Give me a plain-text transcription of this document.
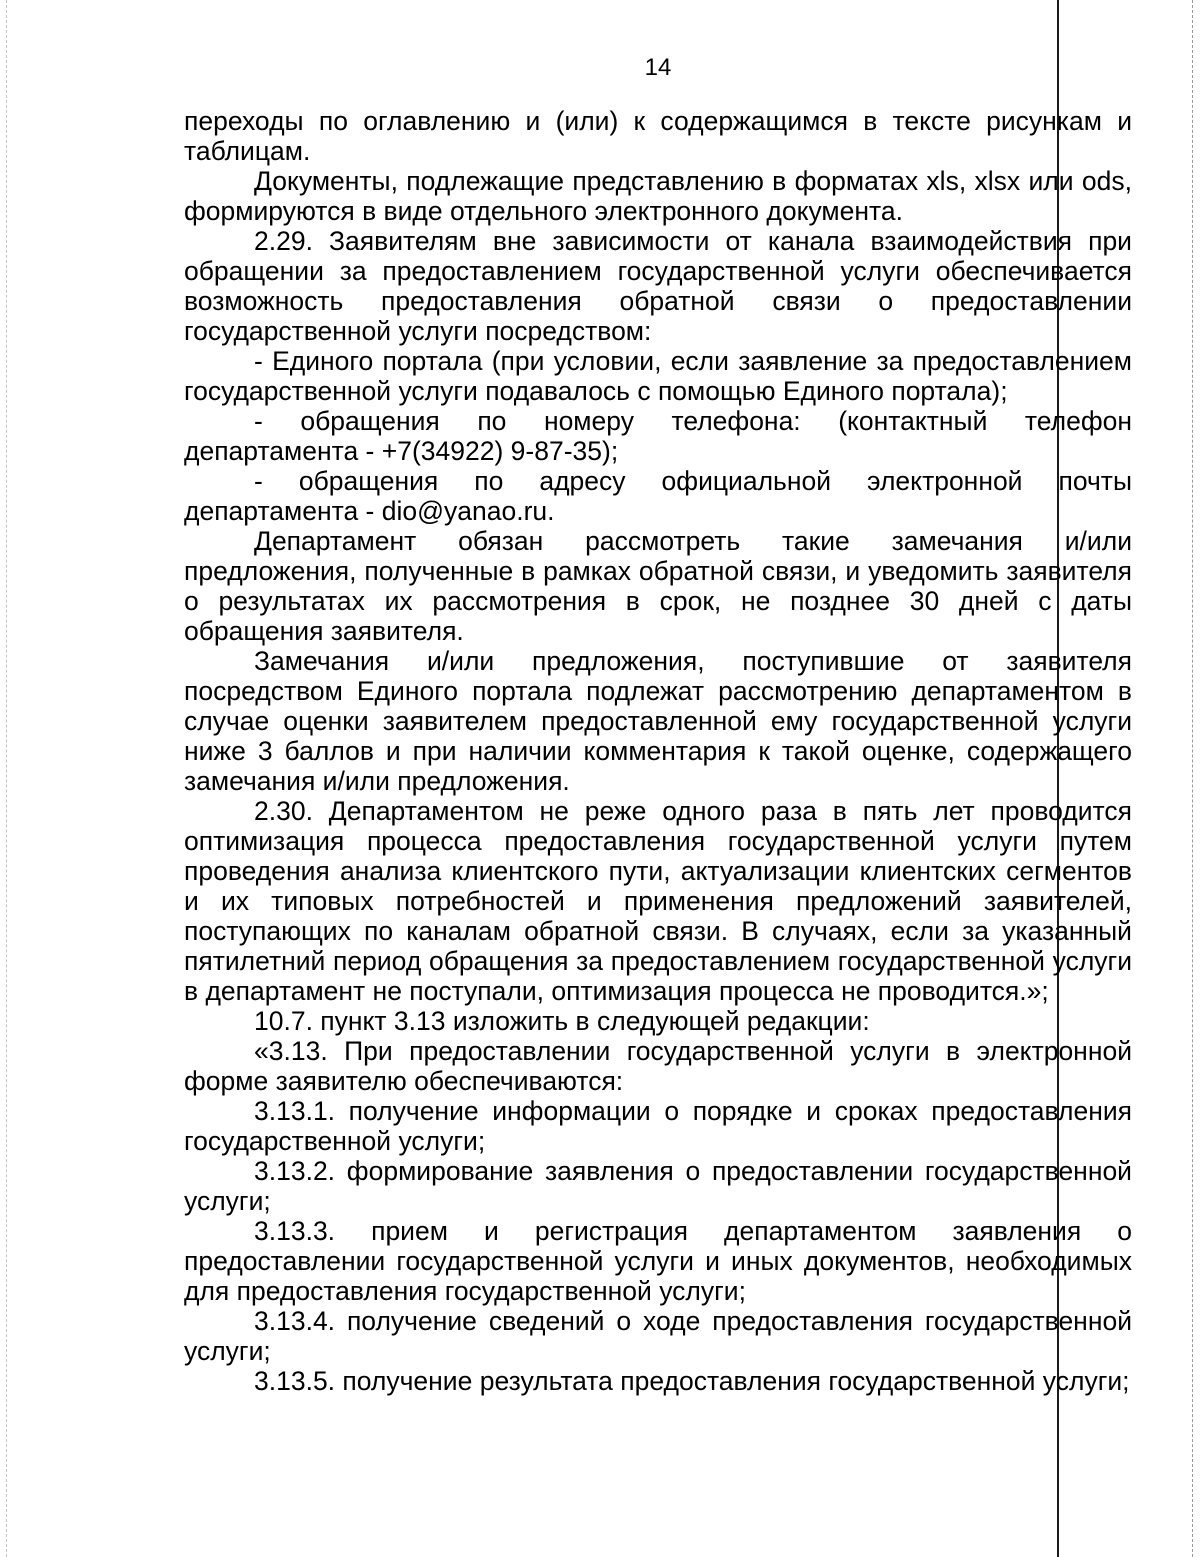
14

переходы по оглавлению и (или) к содержащимся в тексте рисункам и таблицам.

Документы, подлежащие представлению в форматах xls, xlsx или ods, формируются в виде отдельного электронного документа.

2.29. Заявителям вне зависимости от канала взаимодействия при обращении за предоставлением государственной услуги обеспечивается возможность предоставления обратной связи о предоставлении государственной услуги посредством:

- Единого портала (при условии, если заявление за предоставлением государственной услуги подавалось с помощью Единого портала);

- обращения по номеру телефона: (контактный телефон департамента - +7(34922) 9-87-35);

- обращения по адресу официальной электронной почты департамента - dio@yanao.ru.

Департамент обязан рассмотреть такие замечания и/или предложения, полученные в рамках обратной связи, и уведомить заявителя о результатах их рассмотрения в срок, не позднее 30 дней с даты обращения заявителя.

Замечания и/или предложения, поступившие от заявителя посредством Единого портала подлежат рассмотрению департаментом в случае оценки заявителем предоставленной ему государственной услуги ниже 3 баллов и при наличии комментария к такой оценке, содержащего замечания и/или предложения.

2.30. Департаментом не реже одного раза в пять лет проводится оптимизация процесса предоставления государственной услуги путем проведения анализа клиентского пути, актуализации клиентских сегментов и их типовых потребностей и применения предложений заявителей, поступающих по каналам обратной связи. В случаях, если за указанный пятилетний период обращения за предоставлением государственной услуги в департамент не поступали, оптимизация процесса не проводится.»;

10.7. пункт 3.13 изложить в следующей редакции:

«3.13. При предоставлении государственной услуги в электронной форме заявителю обеспечиваются:

3.13.1. получение информации о порядке и сроках предоставления государственной услуги;

3.13.2. формирование заявления о предоставлении государственной услуги;

3.13.3. прием и регистрация департаментом заявления о предоставлении государственной услуги и иных документов, необходимых для предоставления государственной услуги;

3.13.4. получение сведений о ходе предоставления государственной услуги;

3.13.5. получение результата предоставления государственной услуги;
